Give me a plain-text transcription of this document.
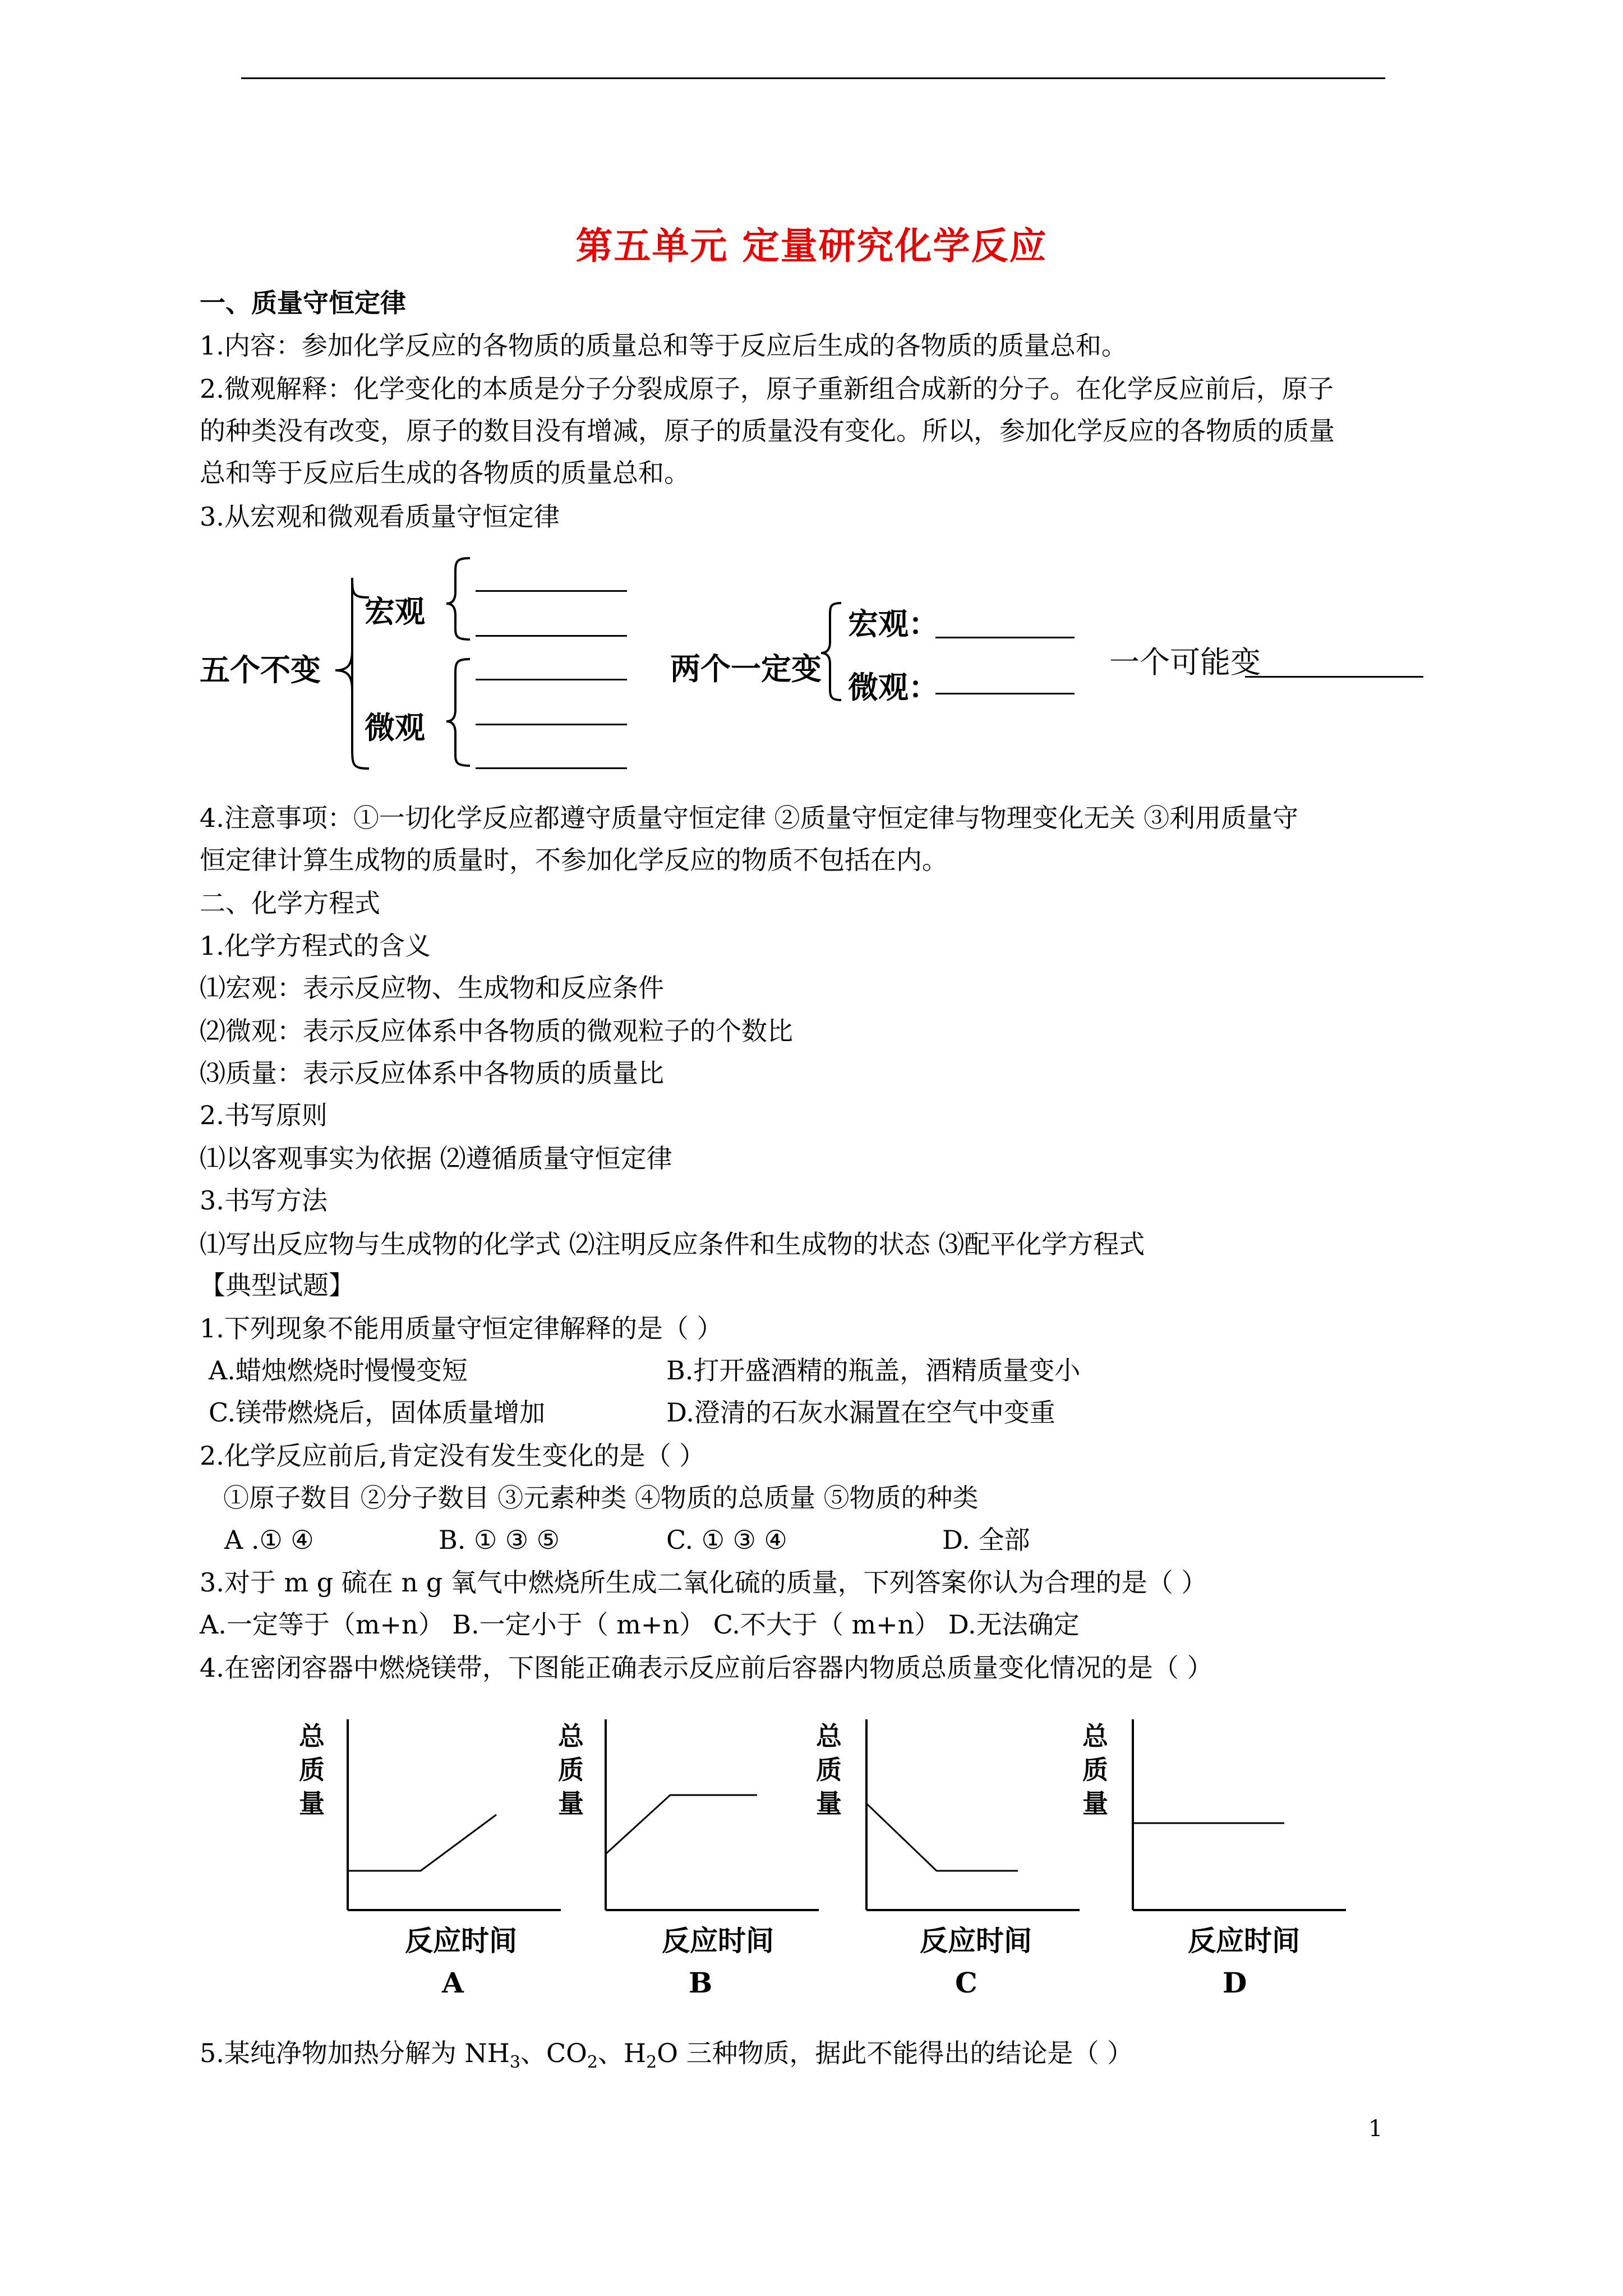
第五单元 定量研究化学反应
一、质量守恒定律
1.内容：参加化学反应的各物质的质量总和等于反应后生成的各物质的质量总和。
2.微观解释：化学变化的本质是分子分裂成原子，原子重新组合成新的分子。在化学反应前后，原子
的种类没有改变，原子的数目没有增减，原子的质量没有变化。所以，参加化学反应的各物质的质量
总和等于反应后生成的各物质的质量总和。
3.从宏观和微观看质量守恒定律
五个不变
宏观
微观
两个一定变
宏观：
微观：
一个可能变
4.注意事项：①一切化学反应都遵守质量守恒定律 ②质量守恒定律与物理变化无关 ③利用质量守
恒定律计算生成物的质量时，不参加化学反应的物质不包括在内。
二、化学方程式
1.化学方程式的含义
⑴宏观：表示反应物、生成物和反应条件
⑵微观：表示反应体系中各物质的微观粒子的个数比
⑶质量：表示反应体系中各物质的质量比
2.书写原则
⑴以客观事实为依据 ⑵遵循质量守恒定律
3.书写方法
⑴写出反应物与生成物的化学式 ⑵注明反应条件和生成物的状态 ⑶配平化学方程式
【典型试题】
1.下列现象不能用质量守恒定律解释的是（ ）
A.蜡烛燃烧时慢慢变短	B.打开盛酒精的瓶盖，酒精质量变小
C.镁带燃烧后，固体质量增加	D.澄清的石灰水漏置在空气中变重
2.化学反应前后,肯定没有发生变化的是（ ）
①原子数目 ②分子数目 ③元素种类 ④物质的总质量 ⑤物质的种类
A .① ④	B. ① ③ ⑤	C. ① ③ ④	D. 全部
3.对于 m g 硫在 n g 氧气中燃烧所生成二氧化硫的质量，下列答案你认为合理的是（ ）
A.一定等于（m+n） B.一定小于（ m+n） C.不大于（ m+n） D.无法确定
4.在密闭容器中燃烧镁带，下图能正确表示反应前后容器内物质总质量变化情况的是（ ）
总
质
量
反应时间
A
总
质
量
反应时间
B
总
质
量
反应时间
C
总
质
量
反应时间
D
5.某纯净物加热分解为 $NH_3$、$CO_2$、$H_2O$ 三种物质，据此不能得出的结论是（ ）
1
